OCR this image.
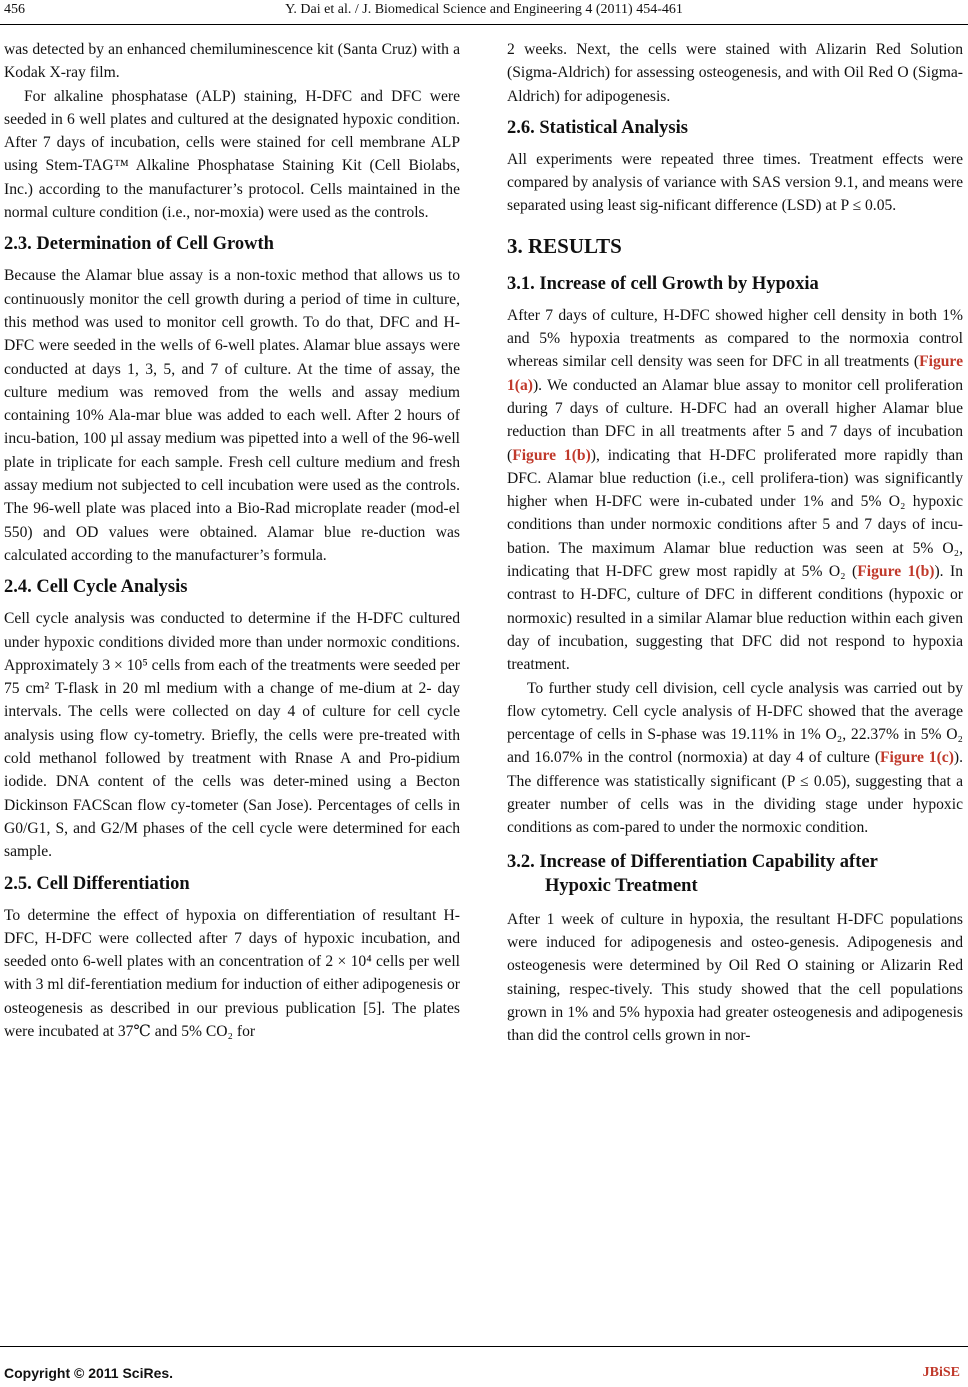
456	Y. Dai et al. / J. Biomedical Science and Engineering 4 (2011) 454-461

was detected by an enhanced chemiluminescence kit (Santa Cruz) with a Kodak X-ray film.

For alkaline phosphatase (ALP) staining, H-DFC and DFC were seeded in 6 well plates and cultured at the designated hypoxic condition. After 7 days of incubation, cells were stained for cell membrane ALP using Stem-TAG™ Alkaline Phosphatase Staining Kit (Cell Biolabs, Inc.) according to the manufacturer’s protocol. Cells maintained in the normal culture condition (i.e., nor-moxia) were used as the controls.

2.3. Determination of Cell Growth

Because the Alamar blue assay is a non-toxic method that allows us to continuously monitor the cell growth during a period of time in culture, this method was used to monitor cell growth. To do that, DFC and H-DFC were seeded in the wells of 6-well plates. Alamar blue assays were conducted at days 1, 3, 5, and 7 of culture. At the time of assay, the culture medium was removed from the wells and assay medium containing 10% Ala-mar blue was added to each well. After 2 hours of incu-bation, 100 µl assay medium was pipetted into a well of the 96-well plate in triplicate for each sample. Fresh cell culture medium and fresh assay medium not subjected to cell incubation were used as the controls. The 96-well plate was placed into a Bio-Rad microplate reader (mod-el 550) and OD values were obtained. Alamar blue re-duction was calculated according to the manufacturer’s formula.

2.4. Cell Cycle Analysis

Cell cycle analysis was conducted to determine if the H-DFC cultured under hypoxic conditions divided more than under normoxic conditions. Approximately 3 × 10⁵ cells from each of the treatments were seeded per 75 cm² T-flask in 20 ml medium with a change of me-dium at 2- day intervals. The cells were collected on day 4 of culture for cell cycle analysis using flow cy-tometry. Briefly, the cells were pre-treated with cold methanol followed by treatment with Rnase A and Pro-pidium iodide. DNA content of the cells was deter-mined using a Becton Dickinson FACScan flow cy-tometer (San Jose). Percentages of cells in G0/G1, S, and G2/M phases of the cell cycle were determined for each sample.

2.5. Cell Differentiation

To determine the effect of hypoxia on differentiation of resultant H-DFC, H-DFC were collected after 7 days of hypoxic incubation, and seeded onto 6-well plates with an concentration of 2 × 10⁴ cells per well with 3 ml dif-ferentiation medium for induction of either adipogenesis or osteogenesis as described in our previous publication [5]. The plates were incubated at 37℃ and 5% CO₂ for

2 weeks. Next, the cells were stained with Alizarin Red Solution (Sigma-Aldrich) for assessing osteogenesis, and with Oil Red O (Sigma-Aldrich) for adipogenesis.

2.6. Statistical Analysis

All experiments were repeated three times. Treatment effects were compared by analysis of variance with SAS version 9.1, and means were separated using least sig-nificant difference (LSD) at P ≤ 0.05.

3. RESULTS
3.1. Increase of cell Growth by Hypoxia

After 7 days of culture, H-DFC showed higher cell density in both 1% and 5% hypoxia treatments as compared to the normoxia control whereas similar cell density was seen for DFC in all treatments (Figure 1(a)). We conducted an Alamar blue assay to monitor cell proliferation during 7 days of culture. H-DFC had an overall higher Alamar blue reduction than DFC in all treatments after 5 and 7 days of incubation (Figure 1(b)), indicating that H-DFC proliferated more rapidly than DFC. Alamar blue reduction (i.e., cell prolifera-tion) was significantly higher when H-DFC were in-cubated under 1% and 5% O₂ hypoxic conditions than under normoxic conditions after 5 and 7 days of incu-bation. The maximum Alamar blue reduction was seen at 5% O₂, indicating that H-DFC grew most rapidly at 5% O₂ (Figure 1(b)). In contrast to H-DFC, culture of DFC in different conditions (hypoxic or normoxic) resulted in a similar Alamar blue reduction within each given day of incubation, suggesting that DFC did not respond to hypoxia treatment.

To further study cell division, cell cycle analysis was carried out by flow cytometry. Cell cycle analysis of H-DFC showed that the average percentage of cells in S-phase was 19.11% in 1% O₂, 22.37% in 5% O₂ and 16.07% in the control (normoxia) at day 4 of culture (Figure 1(c)). The difference was statistically significant (P ≤ 0.05), suggesting that a greater number of cells was in the dividing stage under hypoxic conditions as com-pared to under the normoxic condition.

3.2. Increase of Differentiation Capability after

Hypoxic Treatment

After 1 week of culture in hypoxia, the resultant H-DFC populations were induced for adipogenesis and osteo-genesis. Adipogenesis and osteogenesis were determined by Oil Red O staining or Alizarin Red staining, respec-tively. This study showed that the cell populations grown in 1% and 5% hypoxia had greater osteogenesis and adipogenesis than did the control cells grown in nor-

Copyright © 2011 SciRes.	JBiSE
